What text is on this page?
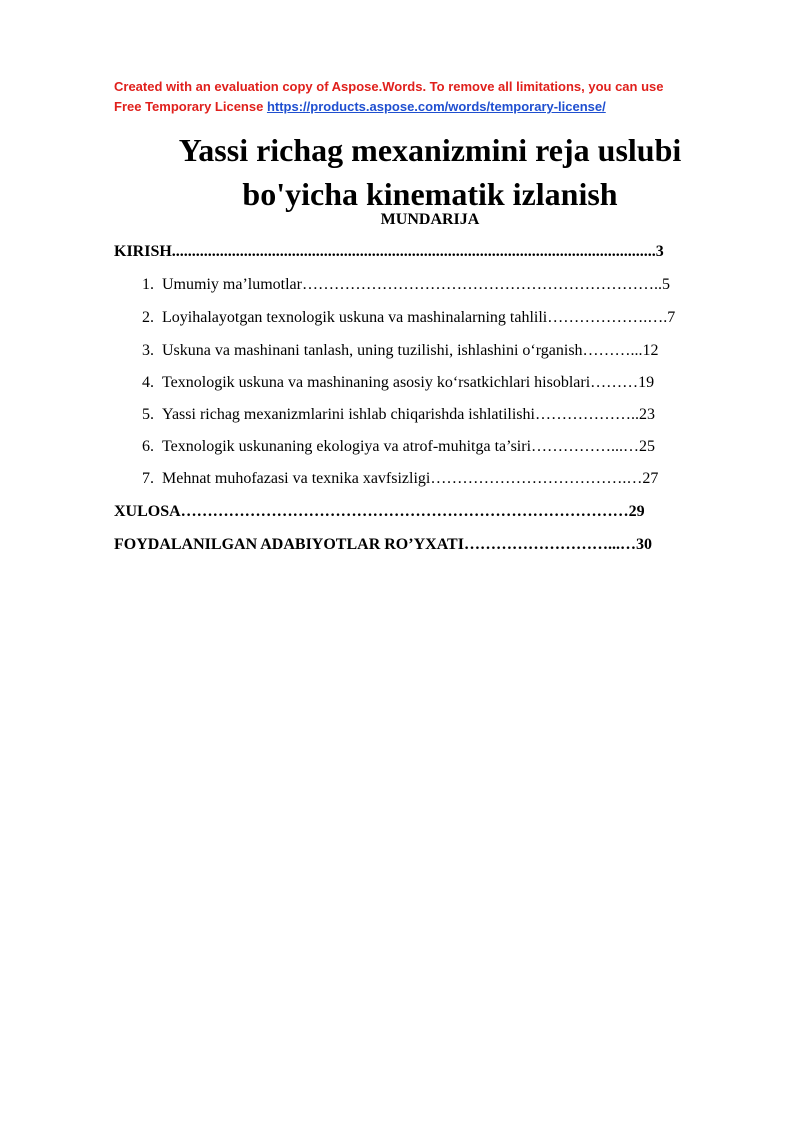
Created with an evaluation copy of Aspose.Words. To remove all limitations, you can use
Free Temporary License https://products.aspose.com/words/temporary-license/
Yassi richag mexanizmini reja uslubi
bo'yicha kinematik izlanish
MUNDARIJA
KIRISH.........................................................................................................................3
1. Umumiy ma’lumotlar…………………………………………………………..5
2. Loyihalayotgan texnologik uskuna va mashinalarning tahlili……………….….7
3. Uskuna va mashinani tanlash, uning tuzilishi, ishlashini o‘rganish………...12
4. Texnologik uskuna va mashinaning asosiy ko‘rsatkichlari hisoblari………19
5. Yassi richag mexanizmlarini ishlab chiqarishda ishlatilishi………………..23
6. Texnologik uskunaning ekologiya va atrof-muhitga ta’siri……………...…25
7. Mehnat muhofazasi va texnika xavfsizligi……………………………….…27
XULOSA…………………………………………………………………………29
FOYDALANILGAN ADABIYOTLAR RO’YXATI………………………...…30
